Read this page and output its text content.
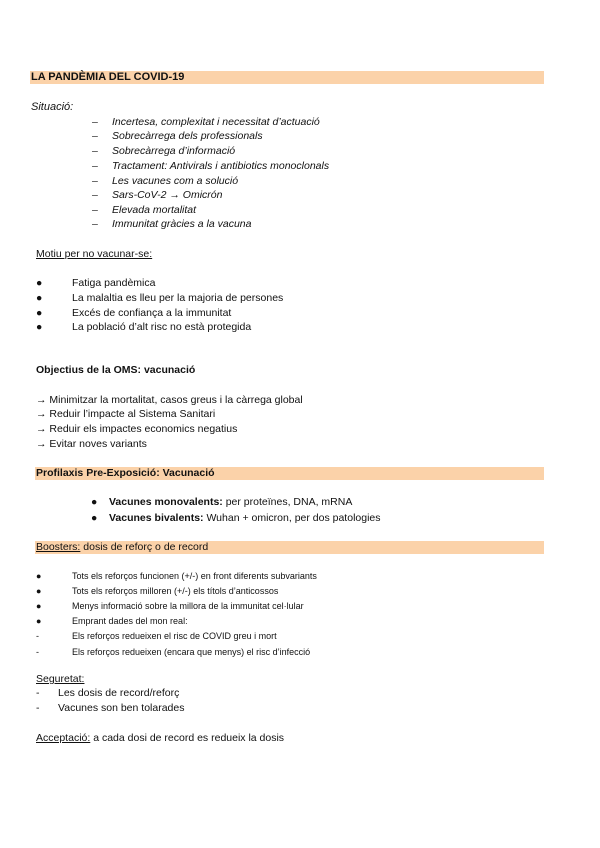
LA PANDÈMIA DEL COVID-19
Situació:
–	Incertesa, complexitat i necessitat d’actuació
–	Sobrecàrrega dels professionals
–	Sobrecàrrega d’informació
–	Tractament: Antivirals i antibiotics monoclonals
–	Les vacunes com a solució
–	Sars-CoV-2 → Omicrón
–	Elevada mortalitat
–	Immunitat gràcies a la vacuna
Motiu per no vacunar-se:
●	Fatiga pandèmica
●	La malaltia es lleu per la majoria de persones
●	Excés de confiança a la immunitat
●	La població d’alt risc no està protegida
Objectius de la OMS: vacunació
→ Minimitzar la mortalitat, casos greus i la càrrega global
→ Reduir l’impacte al Sistema Sanitari
→ Reduir els impactes economics negatius
→ Evitar noves variants
Profilaxis Pre-Exposició: Vacunació
●	Vacunes monovalents: per proteïnes, DNA, mRNA
●	Vacunes bivalents: Wuhan + omicron, per dos patologies
Boosters: dosis de reforç o de record
●	Tots els reforços funcionen (+/-) en front diferents subvariants
●	Tots els reforços milloren (+/-) els títols d’anticossos
●	Menys informació sobre la millora de la immunitat cel·lular
●	Emprant dades del mon real:
-	Els reforços redueixen el risc de COVID greu i mort
-	Els reforços redueixen (encara que menys) el risc d’infecció
Seguretat:
-	Les dosis de record/reforç
-	Vacunes son ben tolarades
Acceptació: a cada dosi de record es redueix la dosis
